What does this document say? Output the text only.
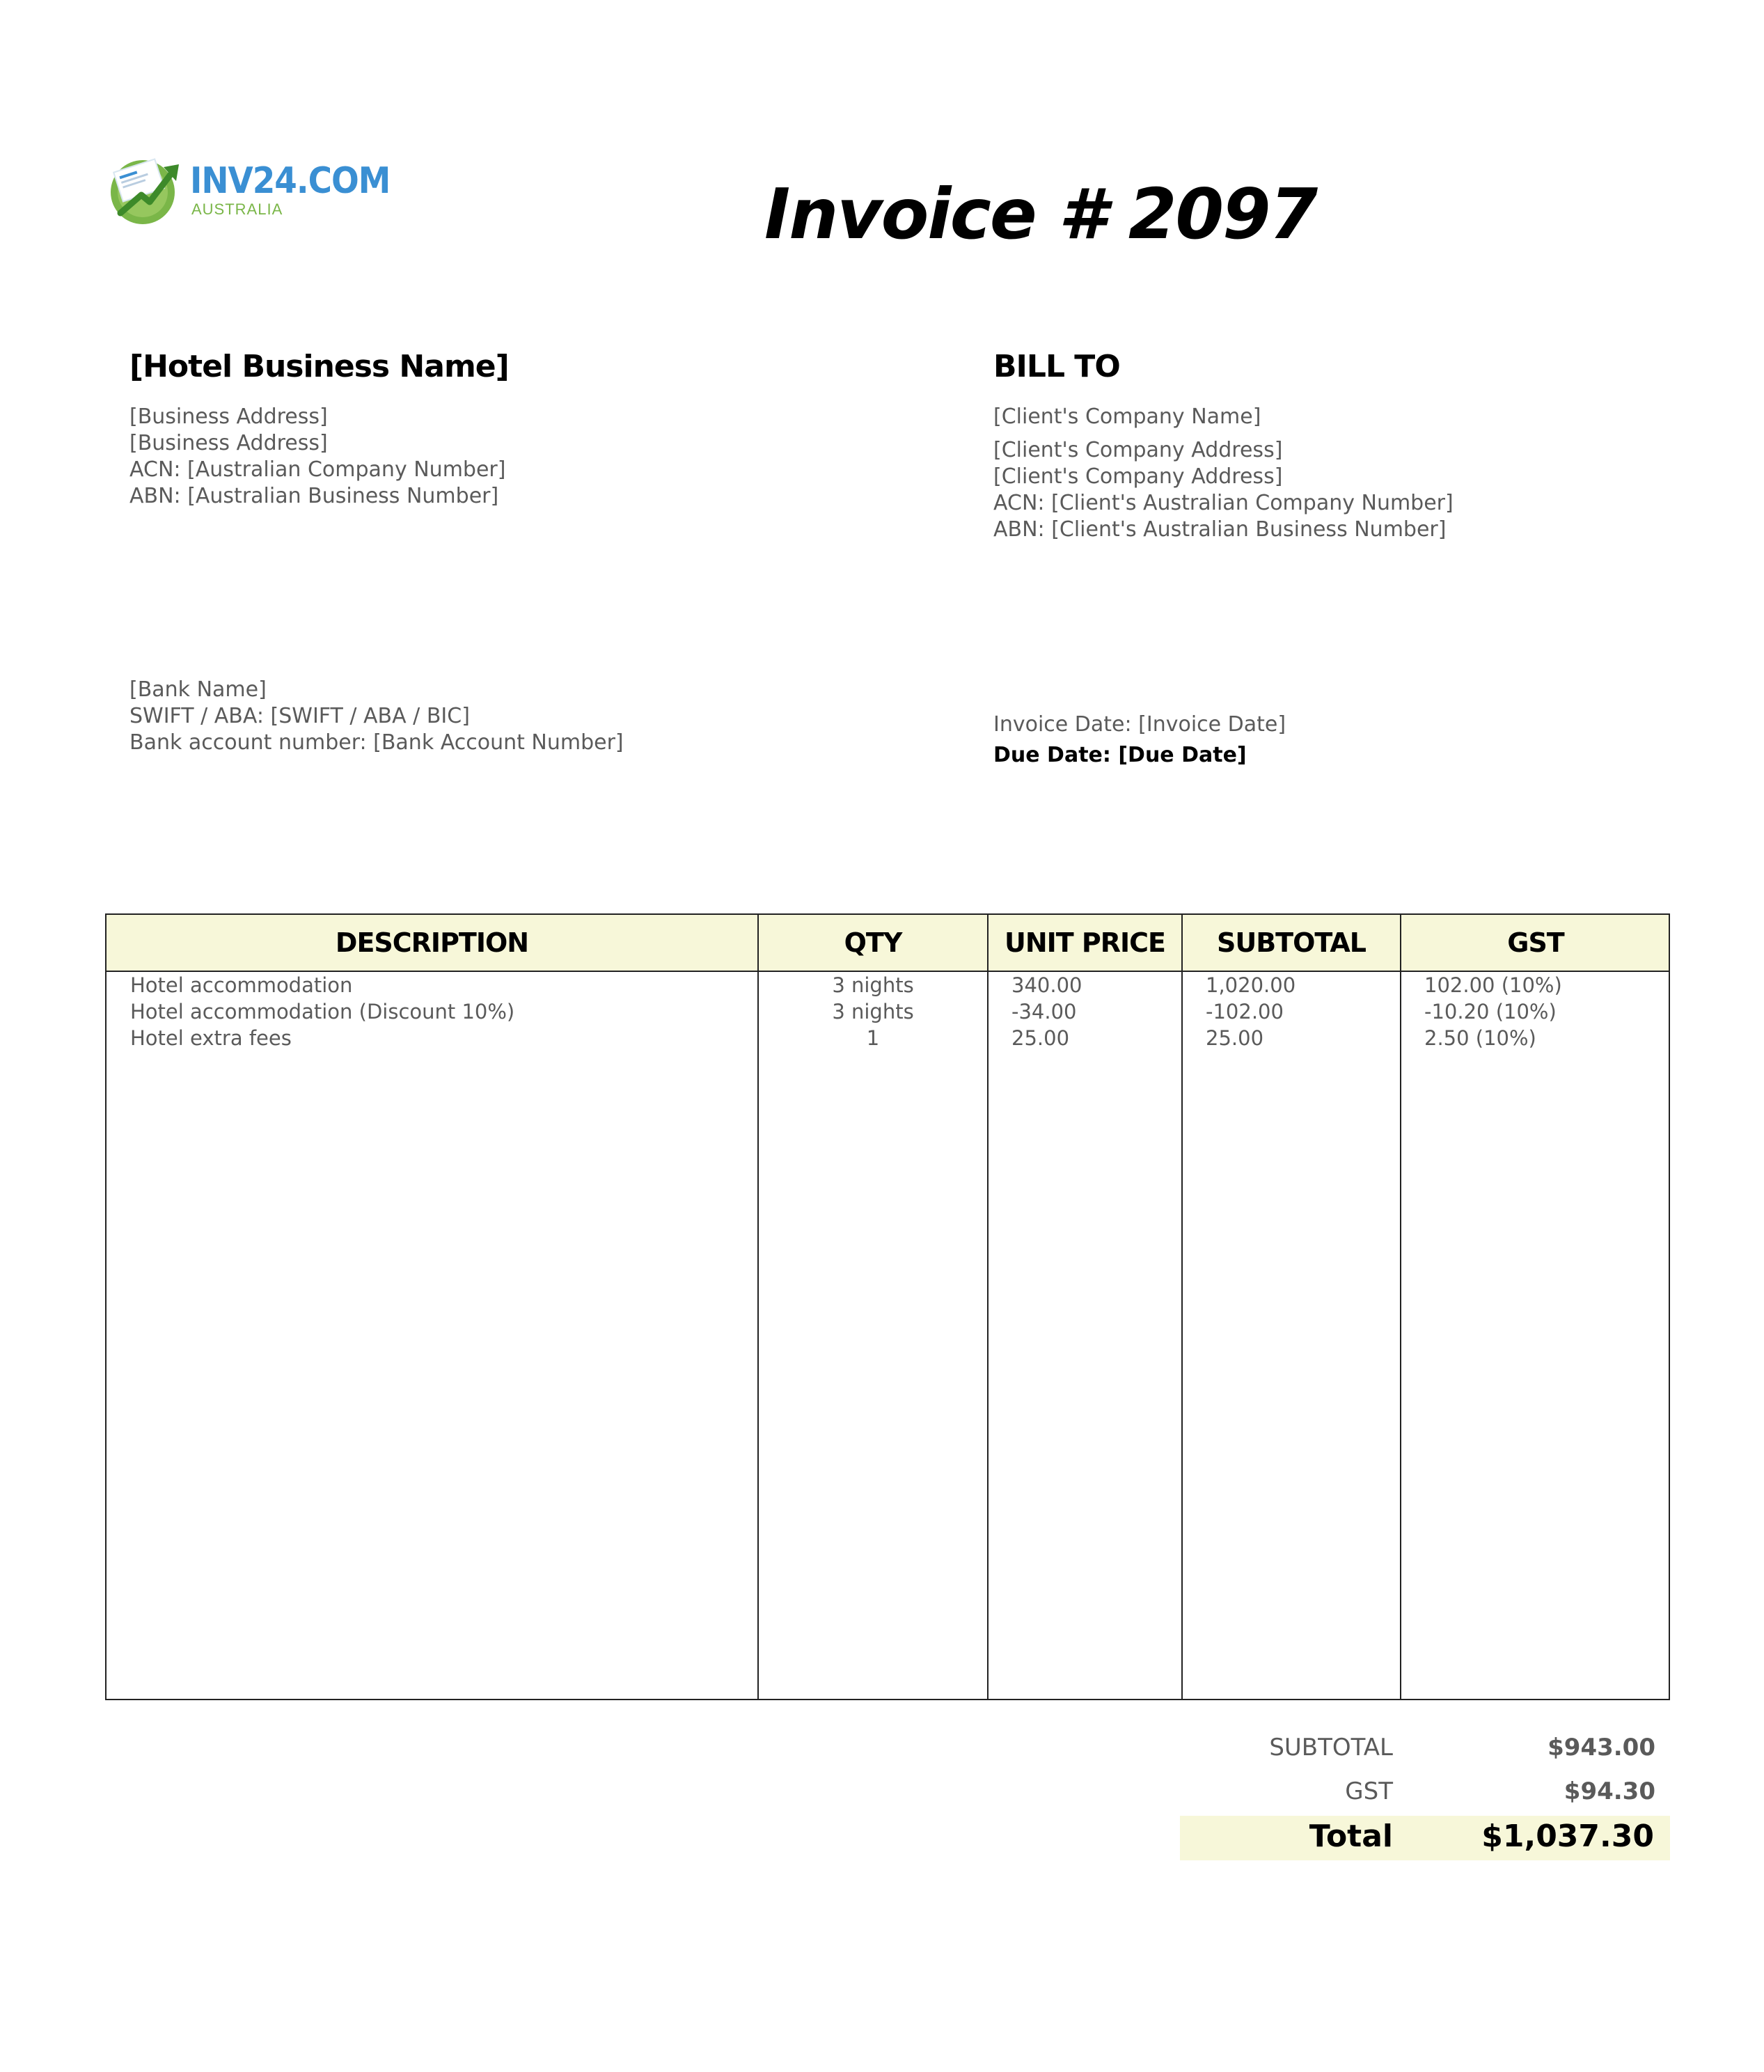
INV24.COM
AUSTRALIA	Invoice # 2097
[Hotel Business Name]
[Business Address]
[Business Address]
ACN: [Australian Company Number]
ABN: [Australian Business Number]
BILL TO
[Client's Company Name]
[Client's Company Address]
[Client's Company Address]
ACN: [Client's Australian Company Number]
ABN: [Client's Australian Business Number]
[Bank Name]
SWIFT / ABA: [SWIFT / ABA / BIC]
Bank account number: [Bank Account Number]
Invoice Date: [Invoice Date]
Due Date: [Due Date]
DESCRIPTION	QTY	UNIT PRICE	SUBTOTAL	GST
Hotel accommodation	3 nights	340.00	1,020.00	102.00 (10%)
Hotel accommodation (Discount 10%)	3 nights	-34.00	-102.00	-10.20 (10%)
Hotel extra fees	1	25.00	25.00	2.50 (10%)
SUBTOTAL	$943.00
GST	$94.30
Total	$1,037.30
